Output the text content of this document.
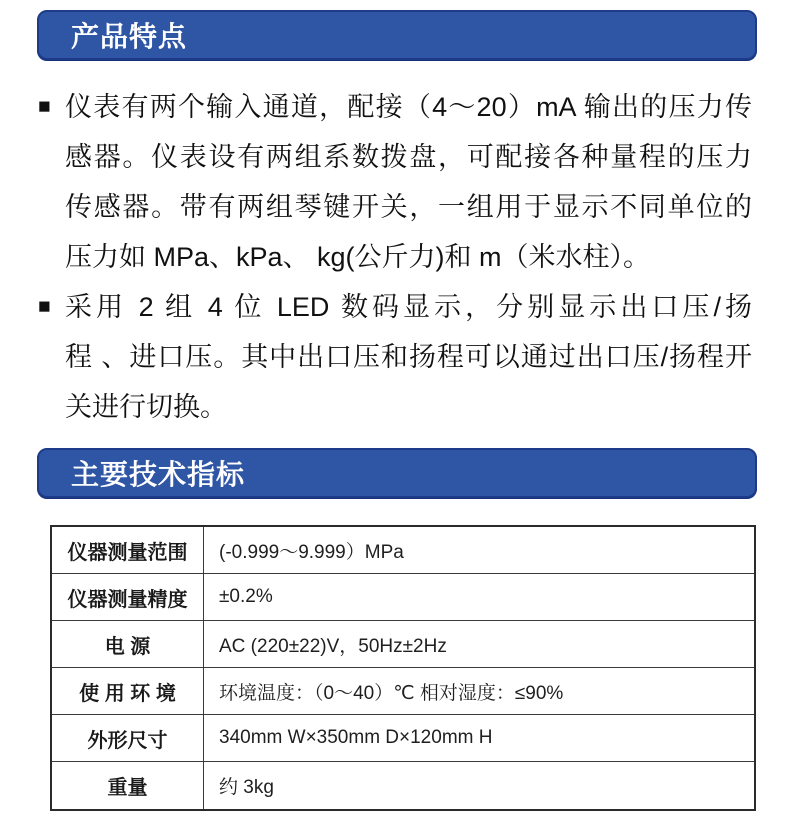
产品特点
■ 仪表有两个输入通道，配接（4～20）mA 输出的压力传
感器。仪表设有两组系数拨盘，可配接各种量程的压力
传感器。带有两组琴键开关，一组用于显示不同单位的
压力如 MPa、kPa、 kg(公斤力)和 m（米水柱）。
■ 采用 2 组 4 位 LED 数码显示，分别显示出口压/扬
程 、进口压。其中出口压和扬程可以通过出口压/扬程开
关进行切换。
主要技术指标
仪器测量范围	(-0.999～9.999）MPa
仪器测量精度	±0.2%
电 源	AC (220±22)V，50Hz±2Hz
使 用 环 境	环境温度：（0～40）℃ 相对湿度：≤90%
外形尺寸	340mm W×350mm D×120mm H
重量	约 3kg
